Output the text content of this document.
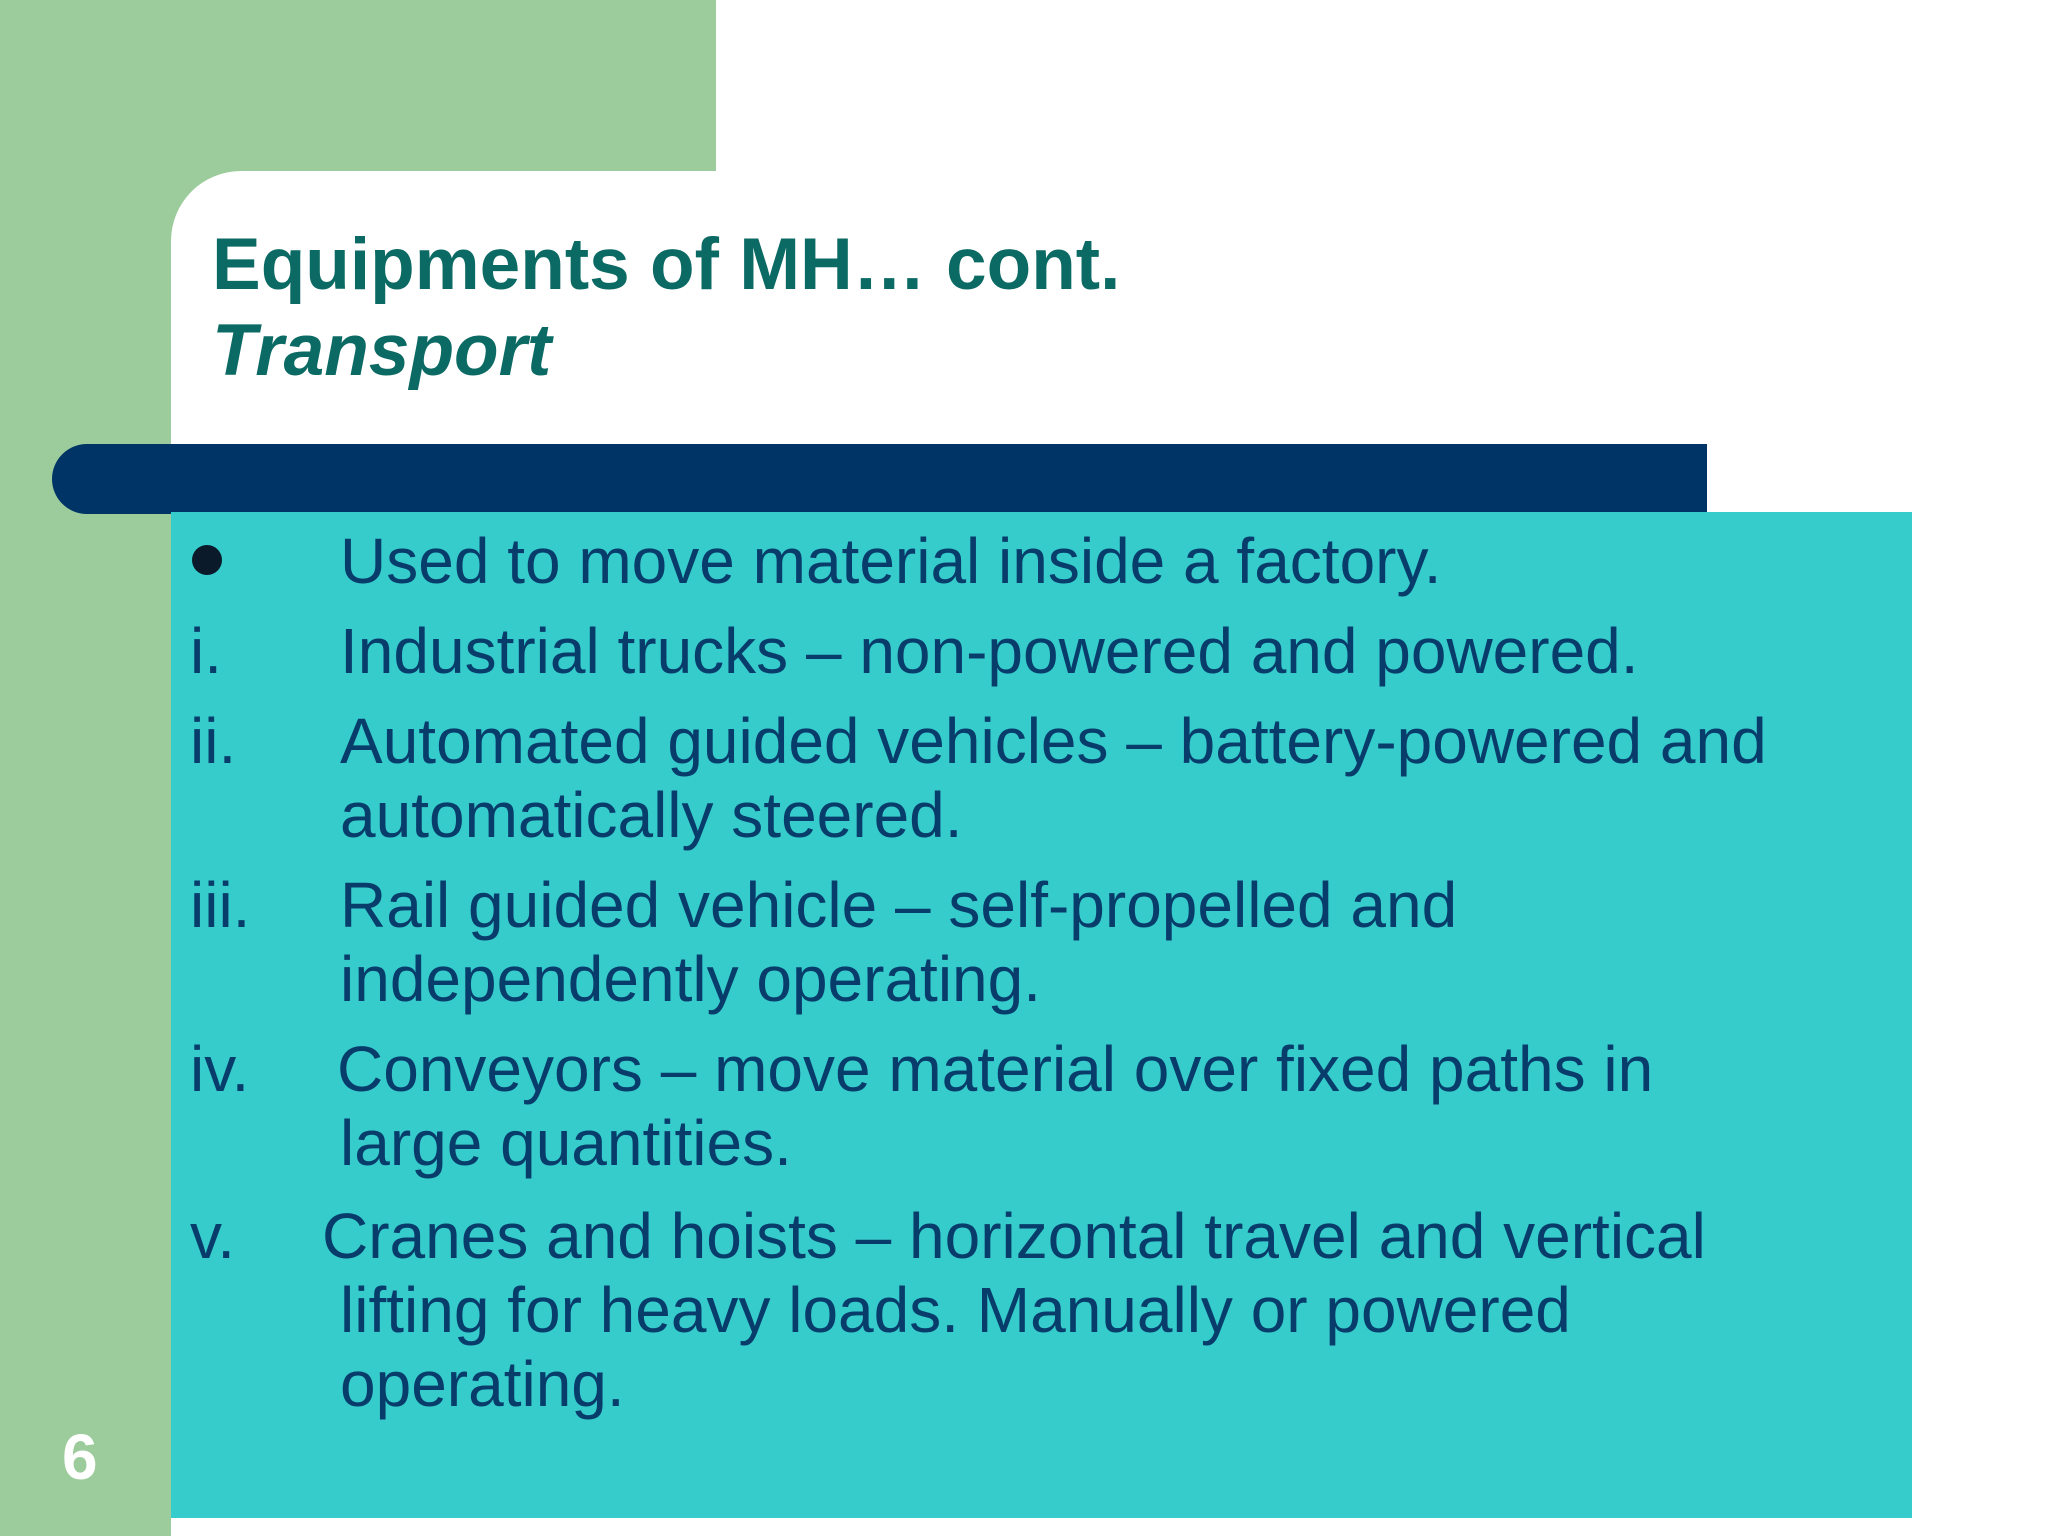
Equipments of MH… cont.
Transport
Used to move material inside a factory.
i. Industrial trucks – non-powered and powered.
ii. Automated guided vehicles – battery-powered and
automatically steered.
iii. Rail guided vehicle – self-propelled and
independently operating.
iv. Conveyors – move material over fixed paths in
large quantities.
v. Cranes and hoists – horizontal travel and vertical
lifting for heavy loads. Manually or powered
operating.
6
